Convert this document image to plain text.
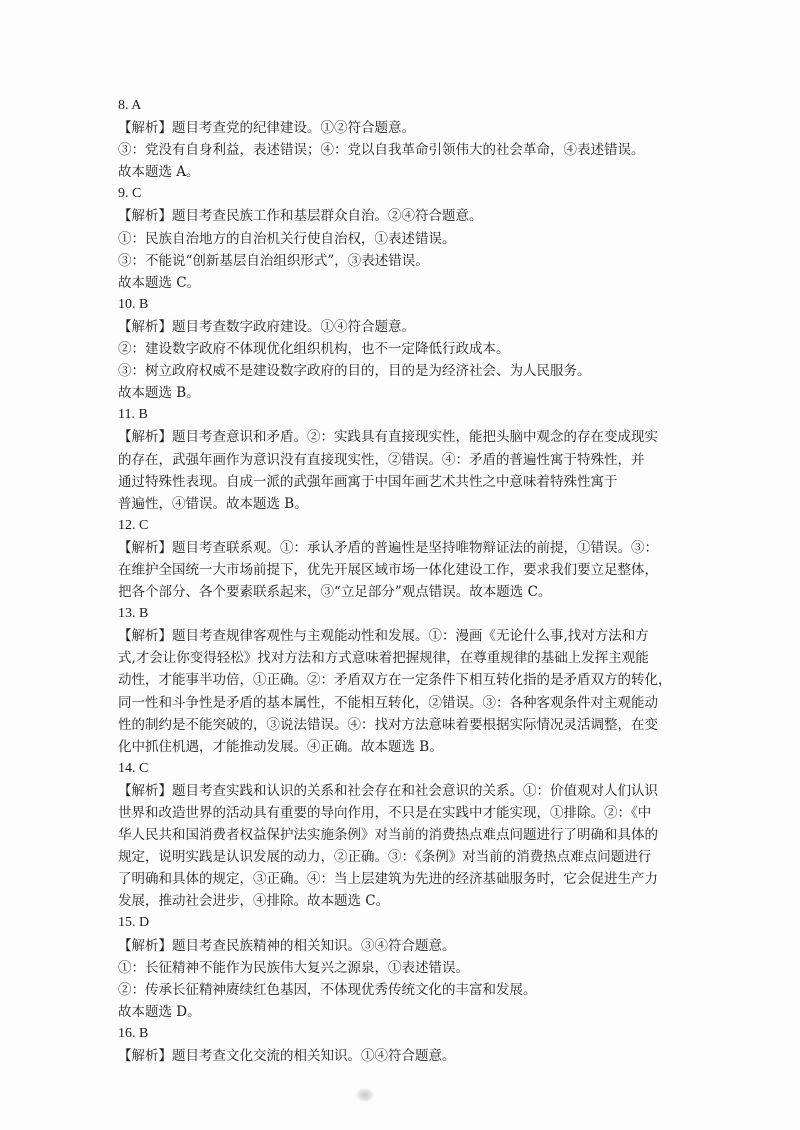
8. A
【解析】题目考查党的纪律建设。①②符合题意。
③：党没有自身利益，表述错误；④：党以自我革命引领伟大的社会革命，④表述错误。
故本题选 A。
9. C
【解析】题目考查民族工作和基层群众自治。②④符合题意。
①：民族自治地方的自治机关行使自治权，①表述错误。
③：不能说“创新基层自治组织形式”，③表述错误。
故本题选 C。
10. B
【解析】题目考查数字政府建设。①④符合题意。
②：建设数字政府不体现优化组织机构，也不一定降低行政成本。
③：树立政府权威不是建设数字政府的目的，目的是为经济社会、为人民服务。
故本题选 B。
11. B
【解析】题目考查意识和矛盾。②：实践具有直接现实性，能把头脑中观念的存在变成现实
的存在，武强年画作为意识没有直接现实性，②错误。④：矛盾的普遍性寓于特殊性，并
通过特殊性表现。自成一派的武强年画寓于中国年画艺术共性之中意味着特殊性寓于
普遍性，④错误。故本题选 B。
12. C
【解析】题目考查联系观。①：承认矛盾的普遍性是坚持唯物辩证法的前提，①错误。③：
在维护全国统一大市场前提下，优先开展区域市场一体化建设工作，要求我们要立足整体，
把各个部分、各个要素联系起来，③“立足部分”观点错误。故本题选 C。
13. B
【解析】题目考查规律客观性与主观能动性和发展。①：漫画《无论什么事,找对方法和方
式,才会让你变得轻松》找对方法和方式意味着把握规律，在尊重规律的基础上发挥主观能
动性，才能事半功倍，①正确。②：矛盾双方在一定条件下相互转化指的是矛盾双方的转化，
同一性和斗争性是矛盾的基本属性，不能相互转化，②错误。③：各种客观条件对主观能动
性的制约是不能突破的，③说法错误。④：找对方法意味着要根据实际情况灵活调整，在变
化中抓住机遇，才能推动发展。④正确。故本题选 B。
14. C
【解析】题目考查实践和认识的关系和社会存在和社会意识的关系。①：价值观对人们认识
世界和改造世界的活动具有重要的导向作用，不只是在实践中才能实现，①排除。②：《中
华人民共和国消费者权益保护法实施条例》对当前的消费热点难点问题进行了明确和具体的
规定，说明实践是认识发展的动力，②正确。③：《条例》对当前的消费热点难点问题进行
了明确和具体的规定，③正确。④：当上层建筑为先进的经济基础服务时，它会促进生产力
发展，推动社会进步，④排除。故本题选 C。
15. D
【解析】题目考查民族精神的相关知识。③④符合题意。
①：长征精神不能作为民族伟大复兴之源泉，①表述错误。
②：传承长征精神赓续红色基因，不体现优秀传统文化的丰富和发展。
故本题选 D。
16. B
【解析】题目考查文化交流的相关知识。①④符合题意。
